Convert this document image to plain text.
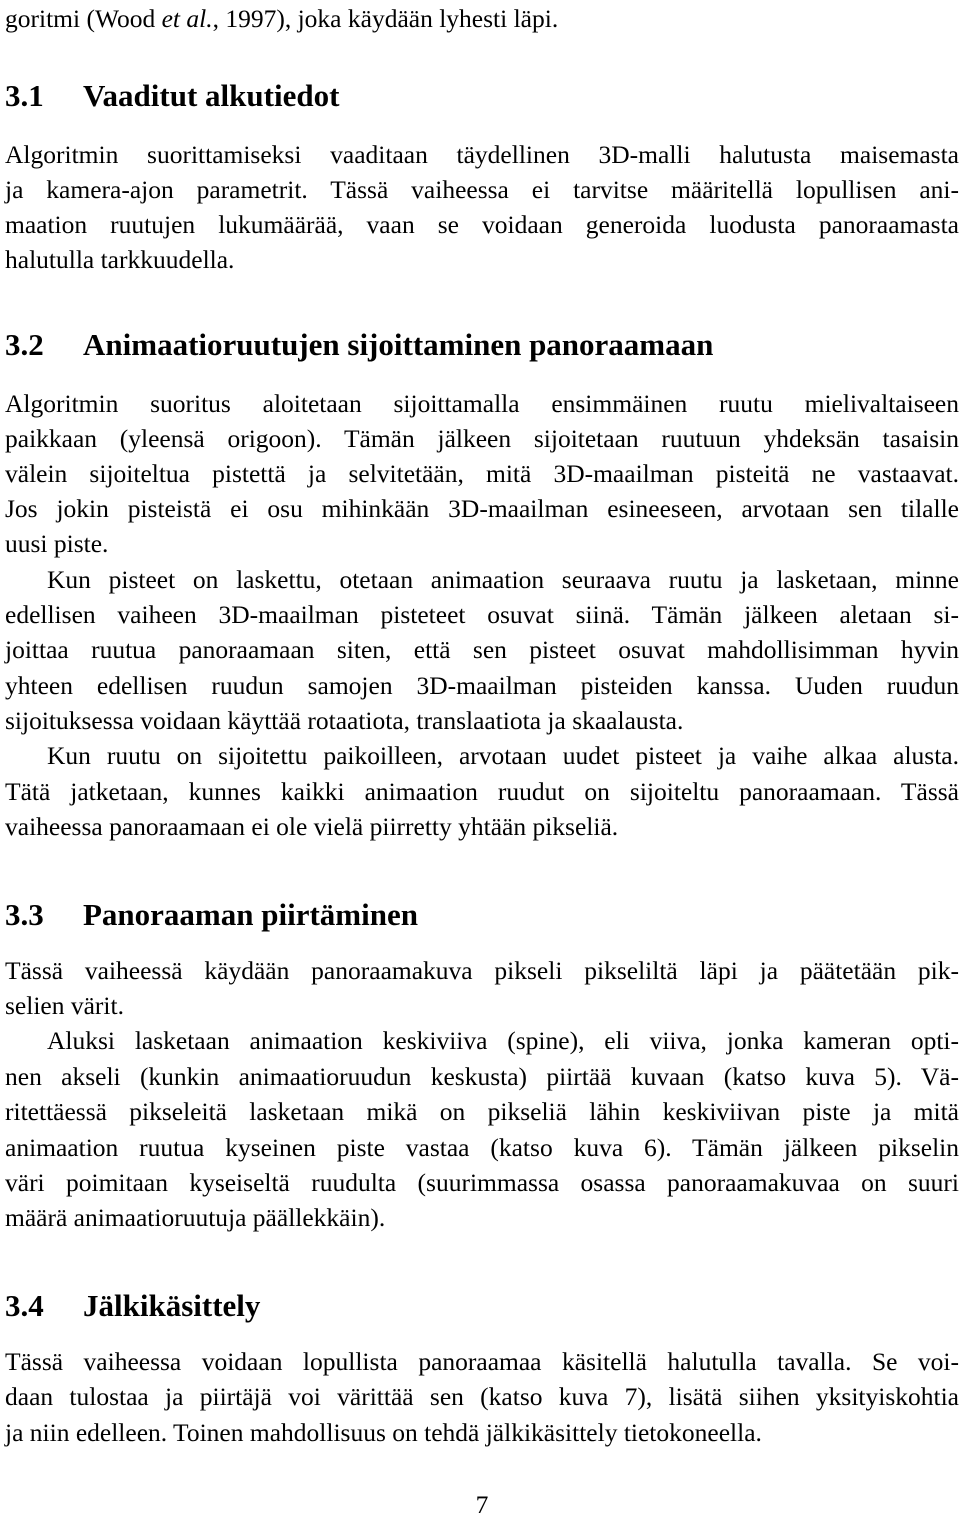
goritmi (Wood et al., 1997), joka käydään lyhesti läpi.
3.1 Vaaditut alkutiedot
Algoritmin suorittamiseksi vaaditaan täydellinen 3D-malli halutusta maisemasta
ja kamera-ajon parametrit. Tässä vaiheessa ei tarvitse määritellä lopullisen ani-
maation ruutujen lukumäärää, vaan se voidaan generoida luodusta panoraamasta
halutulla tarkkuudella.
3.2 Animaatioruutujen sijoittaminen panoraamaan
Algoritmin suoritus aloitetaan sijoittamalla ensimmäinen ruutu mielivaltaiseen
paikkaan (yleensä origoon). Tämän jälkeen sijoitetaan ruutuun yhdeksän tasaisin
välein sijoiteltua pistettä ja selvitetään, mitä 3D-maailman pisteitä ne vastaavat.
Jos jokin pisteistä ei osu mihinkään 3D-maailman esineeseen, arvotaan sen tilalle
uusi piste.
Kun pisteet on laskettu, otetaan animaation seuraava ruutu ja lasketaan, minne
edellisen vaiheen 3D-maailman pisteteet osuvat siinä. Tämän jälkeen aletaan si-
joittaa ruutua panoraamaan siten, että sen pisteet osuvat mahdollisimman hyvin
yhteen edellisen ruudun samojen 3D-maailman pisteiden kanssa. Uuden ruudun
sijoituksessa voidaan käyttää rotaatiota, translaatiota ja skaalausta.
Kun ruutu on sijoitettu paikoilleen, arvotaan uudet pisteet ja vaihe alkaa alusta.
Tätä jatketaan, kunnes kaikki animaation ruudut on sijoiteltu panoraamaan. Tässä
vaiheessa panoraamaan ei ole vielä piirretty yhtään pikseliä.
3.3 Panoraaman piirtäminen
Tässä vaiheessä käydään panoraamakuva pikseli pikseliltä läpi ja päätetään pik-
selien värit.
Aluksi lasketaan animaation keskiviiva (spine), eli viiva, jonka kameran opti-
nen akseli (kunkin animaatioruudun keskusta) piirtää kuvaan (katso kuva 5). Vä-
ritettäessä pikseleitä lasketaan mikä on pikseliä lähin keskiviivan piste ja mitä
animaation ruutua kyseinen piste vastaa (katso kuva 6). Tämän jälkeen pikselin
väri poimitaan kyseiseltä ruudulta (suurimmassa osassa panoraamakuvaa on suuri
määrä animaatioruutuja päällekkäin).
3.4 Jälkikäsittely
Tässä vaiheessa voidaan lopullista panoraamaa käsitellä halutulla tavalla. Se voi-
daan tulostaa ja piirtäjä voi värittää sen (katso kuva 7), lisätä siihen yksityiskohtia
ja niin edelleen. Toinen mahdollisuus on tehdä jälkikäsittely tietokoneella.
7
